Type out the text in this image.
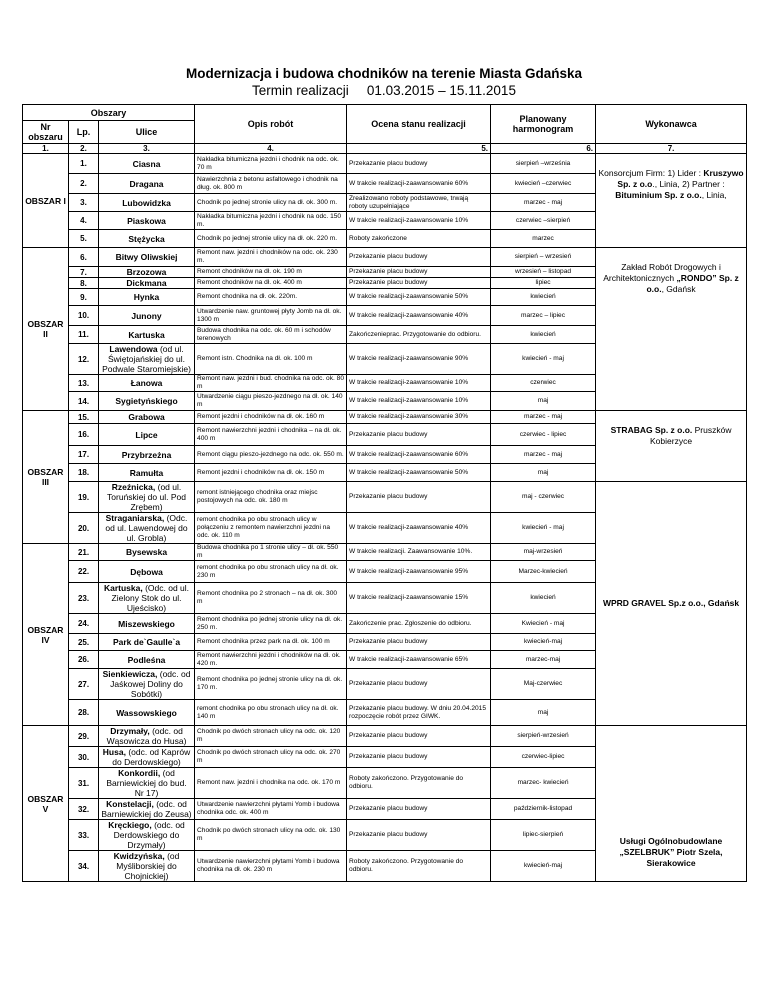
Modernizacja i budowa chodników na terenie Miasta Gdańska
Termin realizacji 01.03.2015 – 15.11.2015
Obszary			Opis robót	Ocena stanu realizacji	Planowany harmonogram	Wykonawca
Nr obszaru	Lp.	Ulice				
1.	2.	3.	4.	5.	6.	7.
OBSZAR I	1.	Ciasna	Nakładka bitumiczna jezdni i chodnik na odc. ok. 70 m	Przekazanie placu budowy	sierpień –września	Konsorcjum Firm: 1) Lider : Kruszywo Sp. z o.o., Linia, 2) Partner : Bituminium Sp. z o.o., Linia,
	2.	Dragana	Nawierzchnia z betonu asfaltowego i chodnik na dług. ok. 800 m	W trakcie realizacji-zaawansowanie 60%	kwiecień –czerwiec	
	3.	Lubowidzka	Chodnik po jednej stronie ulicy na dł. ok. 300 m.	Zrealizowano roboty podstawowe, trwają roboty uzupełniające	marzec - maj	
	4.	Piaskowa	Nakładka bitumiczna jezdni i chodnik na odc. 150 m.	W trakcie realizacji-zaawansowanie 10%	czerwiec –sierpień	
	5.	Stężycka	Chodnik po jednej stronie ulicy na dł. ok. 220 m.	Roboty zakończone	marzec	
OBSZAR II	6.	Bitwy Oliwskiej	Remont naw. jezdni i chodników na odc. ok. 230 m.	Przekazanie placu budowy	sierpień – wrzesień	Zakład Robót Drogowych i Architektonicznych „RONDO” Sp. z o.o., Gdańsk
	7.	Brzozowa	Remont chodników na dł. ok. 190 m	Przekazanie placu budowy	wrzesień – listopad	
	8.	Dickmana	Remont chodników na dł. ok. 400 m	Przekazanie placu budowy	lipiec	
	9.	Hynka	Remont chodnika na dł. ok. 220m.	W trakcie realizacji-zaawansowanie 50%	kwiecień	
	10.	Junony	Utwardzenie naw. gruntowej płyty Jomb na dł. ok. 1300 m	W trakcie realizacji-zaawansowanie 40%	marzec – lipiec	
	11.	Kartuska	Budowa chodnika na odc. ok. 60 m i schodów terenowych	Zakończenieprac. Przygotowanie do odbioru.	kwiecień	
	12.	Lawendowa (od ul. Świętojańskiej do ul. Podwale Staromiejskie)	Remont istn. Chodnika na dł. ok. 100 m	W trakcie realizacji-zaawansowanie 90%	kwiecień - maj	
	13.	Łanowa	Remont naw. jezdni i bud. chodnika na odc. ok. 80 m	W trakcie realizacji-zaawansowanie 10%	czerwiec	
	14.	Sygietyńskiego	Utwardzenie ciągu pieszo-jezdnego na dł. ok. 140 m	W trakcie realizacji-zaawansowanie 10%	maj	
OBSZAR III	15.	Grabowa	Remont jezdni i chodników na dł. ok. 160 m	W trakcie realizacji-zaawansowanie 30%	marzec - maj	STRABAG Sp. z o.o. Pruszków Kobierzyce
	16.	Lipce	Remont nawierzchni jezdni i chodnika – na dł. ok. 400 m	Przekazanie placu budowy	czerwiec - lipiec	
	17.	Przybrzeżna	Remont ciągu pieszo-jezdnego na odc. ok. 550 m.	W trakcie realizacji-zaawansowanie 60%	marzec - maj	
	18.	Ramułta	Remont jezdni i chodników na dł. ok. 150 m	W trakcie realizacji-zaawansowanie 50%	maj	
	19.	Rzeźnicka, (od ul. Toruńskiej do ul. Pod Zrębem)	remont istniejącego chodnika oraz miejsc postojowych na odc. ok. 180 m	Przekazanie placu budowy	maj - czerwiec	WPRD GRAVEL Sp.z o.o., Gdańsk
	20.	Straganiarska, (Odc. od ul. Lawendowej do ul. Grobla)	remont chodnika po obu stronach ulicy w połączeniu z remontem nawierzchni jezdni na odc. ok. 110 m	W trakcie realizacji-zaawansowanie 40%	kwiecień - maj	
OBSZAR IV	21.	Bysewska	Budowa chodnika po 1 stronie ulicy – dł. ok. 550 m	W trakcie realizacji. Zaawansowanie 10%.	maj-wrzesień	
	22.	Dębowa	remont chodnika po obu stronach ulicy na dł. ok. 230 m	W trakcie realizacji-zaawansowanie 95%	Marzec-kwiecień	
	23.	Kartuska, (Odc. od ul. Zielony Stok do ul. Ujeścisko)	Remont chodnika po 2 stronach – na dł. ok. 300 m	W trakcie realizacji-zaawansowanie 15%	kwiecień	
	24.	Miszewskiego	Remont chodnika po jednej stronie ulicy na dł. ok. 250 m.	Zakończenie prac. Zgłoszenie do odbioru.	Kwiecień - maj	
	25.	Park de`Gaulle`a	Remont chodnika przez park na dł. ok. 100 m	Przekazanie placu budowy	kwiecień-maj	
	26.	Podleśna	Remont nawierzchni jezdni i chodników na dł. ok. 420 m.	W trakcie realizacji-zaawansowanie 65%	marzec-maj	
	27.	Sienkiewicza, (odc. od Jaśkowej Doliny do Sobótki)	Remont chodnika po jednej stronie ulicy na dł. ok. 170 m.	Przekazanie placu budowy	Maj-czerwiec	
	28.	Wassowskiego	remont chodnika po obu stronach ulicy na dł. ok. 140 m	Przekazanie placu budowy. W dniu 20.04.2015 rozpoczęcie robót przez GIWK.	maj	
OBSZAR V	29.	Drzymały, (odc. od Wąsowicza do Husa)	Chodnik po dwóch stronach ulicy na odc. ok. 120 m	Przekazanie placu budowy	sierpień-wrzesień	Usługi Ogólnobudowlane „SZELBRUK” Piotr Szela, Sierakowice
	30.	Husa, (odc. od Kaprów do Derdowskiego)	Chodnik po dwóch stronach ulicy na odc. ok. 270 m	Przekazanie placu budowy	czerwiec-lipiec	
	31.	Konkordii, (od Barniewickiej do bud. Nr 17)	Remont naw. jezdni i chodnika na odc. ok. 170 m	Roboty zakończono. Przygotowanie do odbioru.	marzec- kwiecień	
	32.	Konstelacji, (odc. od Barniewickiej do Zeusa)	Utwardzenie nawierzchni płytami Yomb i budowa chodnika odc. ok. 400 m	Przekazanie placu budowy	październik-listopad	
	33.	Kręckiego, (odc. od Derdowskiego do Drzymały)	Chodnik po dwóch stronach ulicy na odc. ok. 130 m	Przekazanie placu budowy	lipiec-sierpień	
	34.	Kwidzyńska, (od Myśliborskiej do Chojnickiej)	Utwardzenie nawierzchni płytami Yomb i budowa chodnika na dł. ok. 230 m	Roboty zakończono. Przygotowanie do odbioru.	kwiecień-maj	
